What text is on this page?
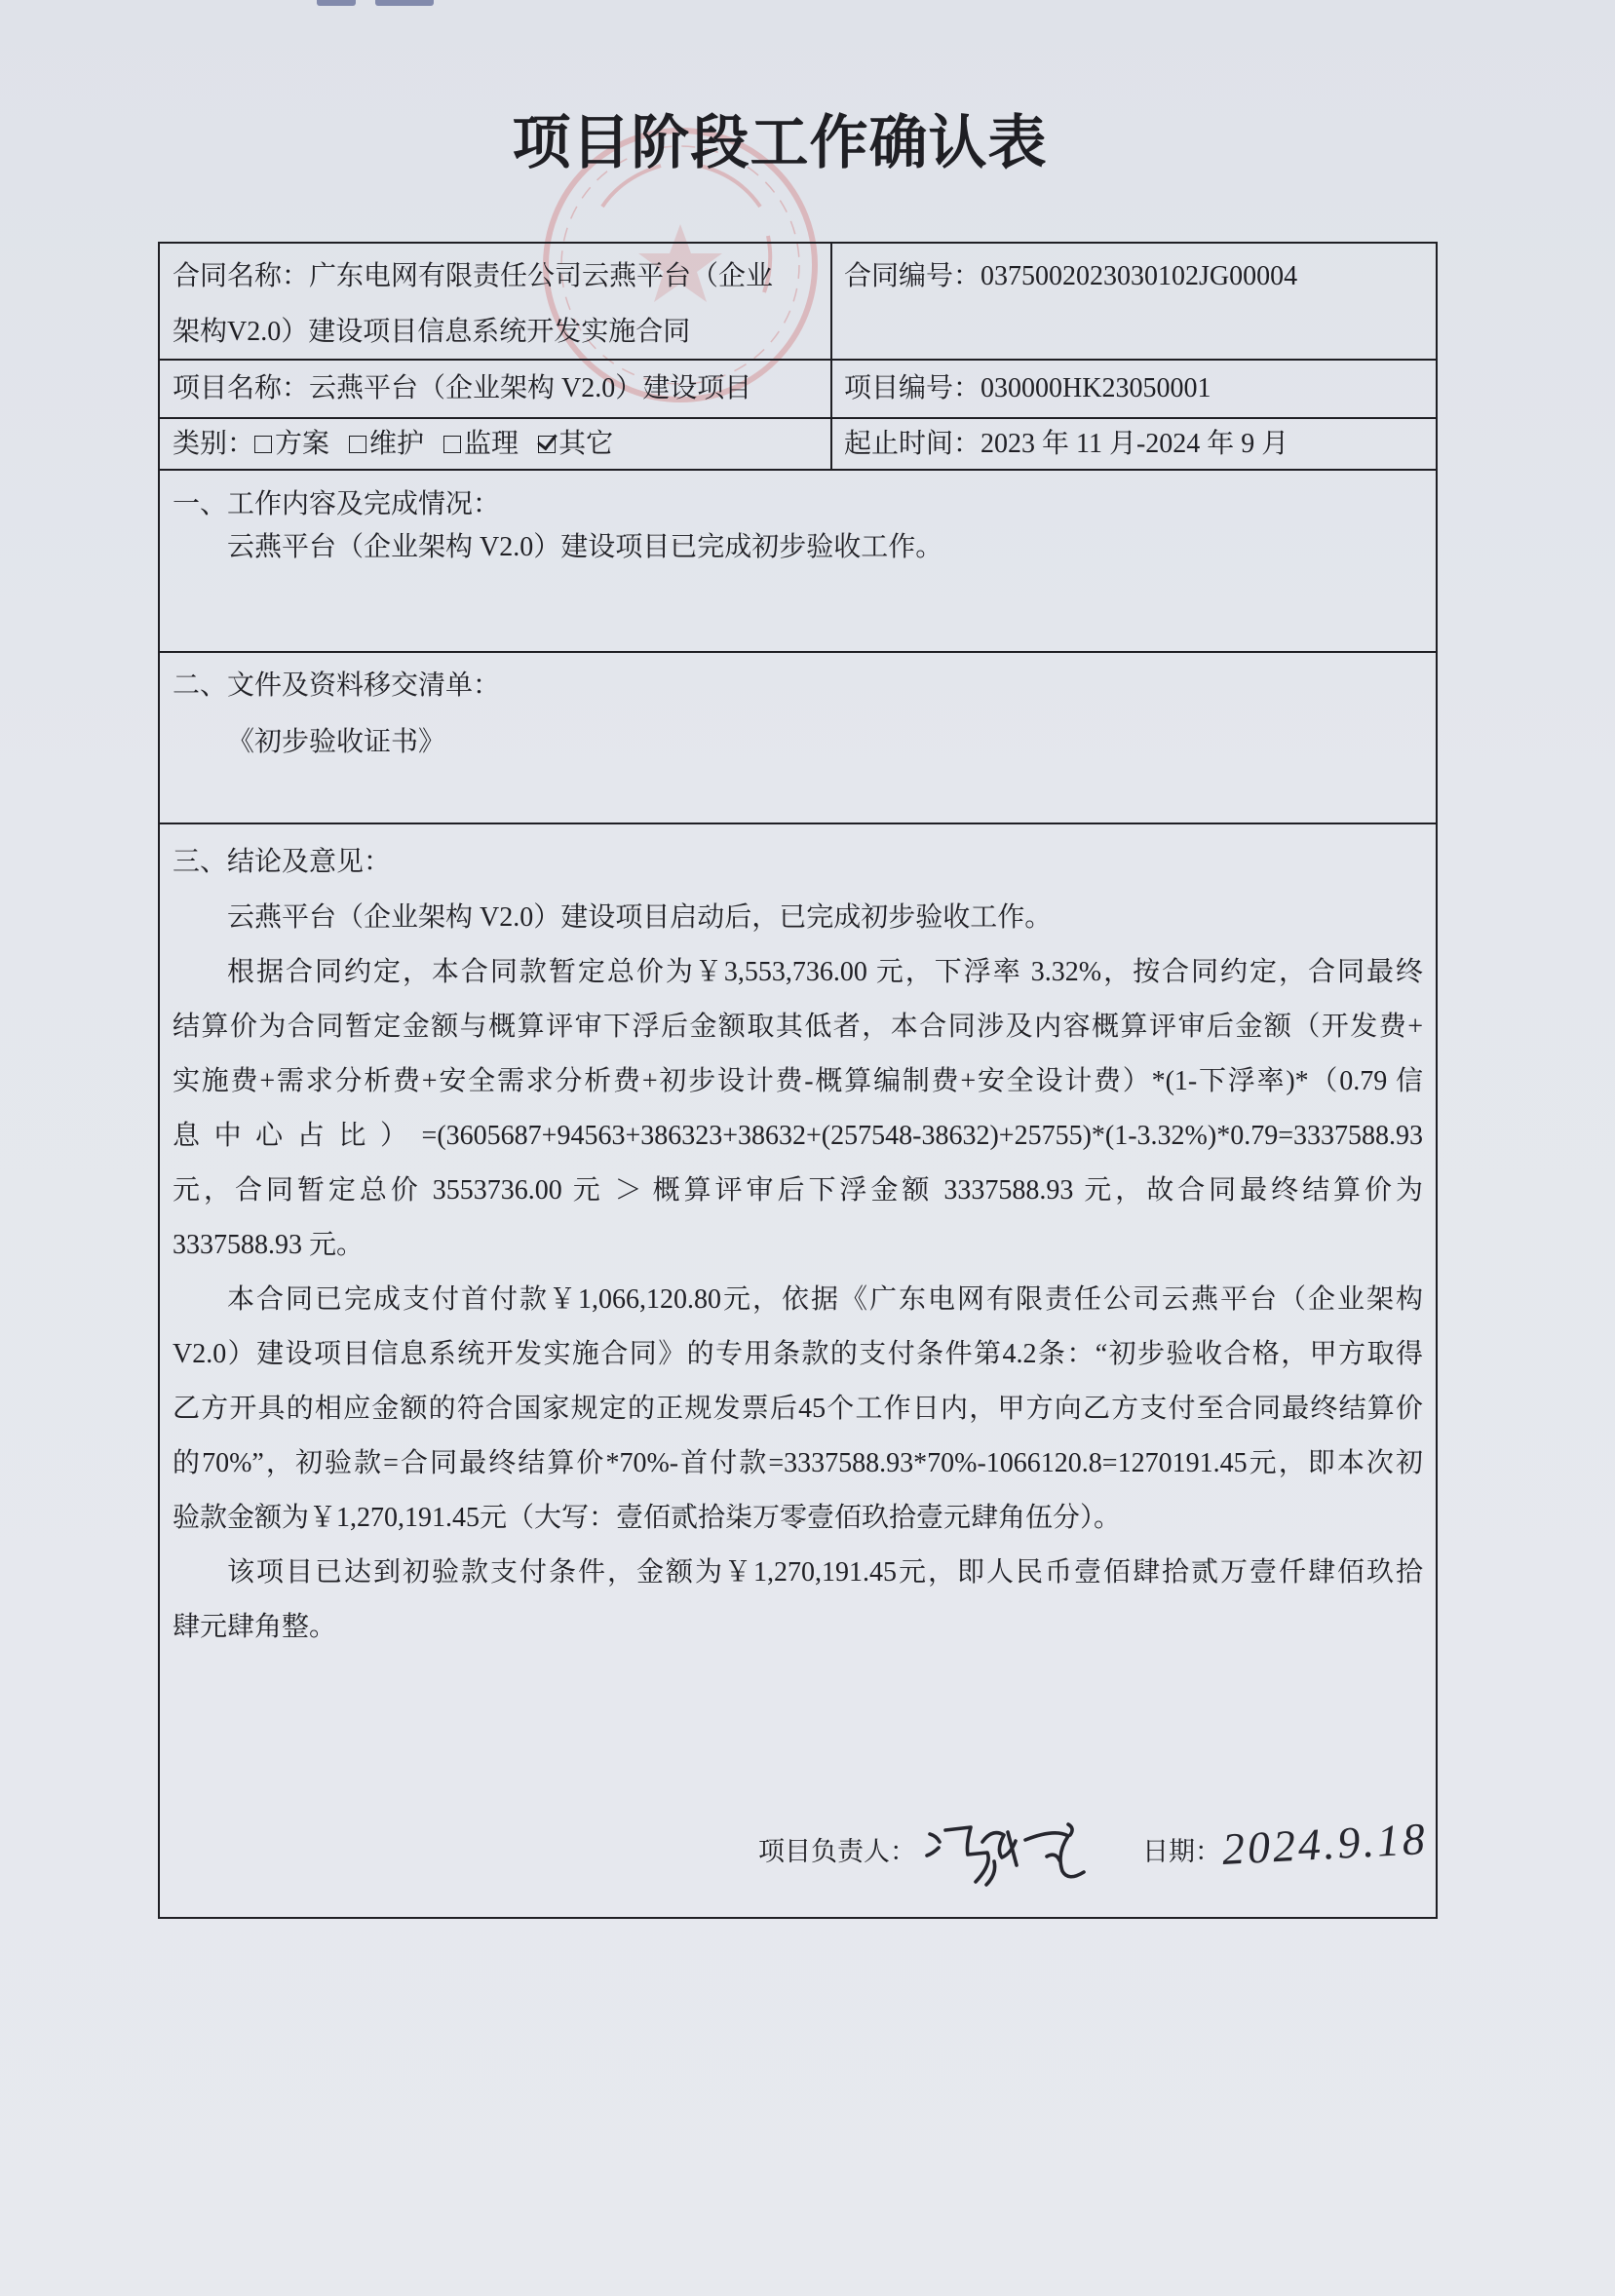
项目阶段工作确认表
合同名称：广东电网有限责任公司云燕平台（企业
架构V2.0）建设项目信息系统开发实施合同
合同编号：0375002023030102JG00004
项目名称：云燕平台（企业架构 V2.0）建设项目	项目编号：030000HK23050001
类别： 方案 维护 监理 其它	起止时间：2023 年 11 月-2024 年 9 月
一、工作内容及完成情况：
云燕平台（企业架构 V2.0）建设项目已完成初步验收工作。
二、文件及资料移交清单：
《初步验收证书》
三、结论及意见：
云燕平台（企业架构 V2.0）建设项目启动后，已完成初步验收工作。
根据合同约定，本合同款暂定总价为￥3,553,736.00 元，下浮率 3.32%，按合同约定，合同最终
结算价为合同暂定金额与概算评审下浮后金额取其低者，本合同涉及内容概算评审后金额（开发费+
实施费+需求分析费+安全需求分析费+初步设计费-概算编制费+安全设计费）*(1-下浮率)*（0.79 信
息中心占比）=(3605687+94563+386323+38632+(257548-38632)+25755)*(1-3.32%)*0.79=3337588.93
元，合同暂定总价 3553736.00 元 ＞ 概算评审后下浮金额 3337588.93 元，故合同最终结算价为
3337588.93 元。
本合同已完成支付首付款￥1,066,120.80元，依据《广东电网有限责任公司云燕平台（企业架构
V2.0）建设项目信息系统开发实施合同》的专用条款的支付条件第4.2条：“初步验收合格，甲方取得
乙方开具的相应金额的符合国家规定的正规发票后45个工作日内，甲方向乙方支付至合同最终结算价
的70%”，初验款=合同最终结算价*70%-首付款=3337588.93*70%-1066120.8=1270191.45元，即本次初
验款金额为￥1,270,191.45元（大写：壹佰贰拾柒万零壹佰玖拾壹元肆角伍分）。
该项目已达到初验款支付条件，金额为￥1,270,191.45元，即人民币壹佰肆拾贰万壹仟肆佰玖拾
肆元肆角整。
项目负责人：	日期： 2024.9.18
